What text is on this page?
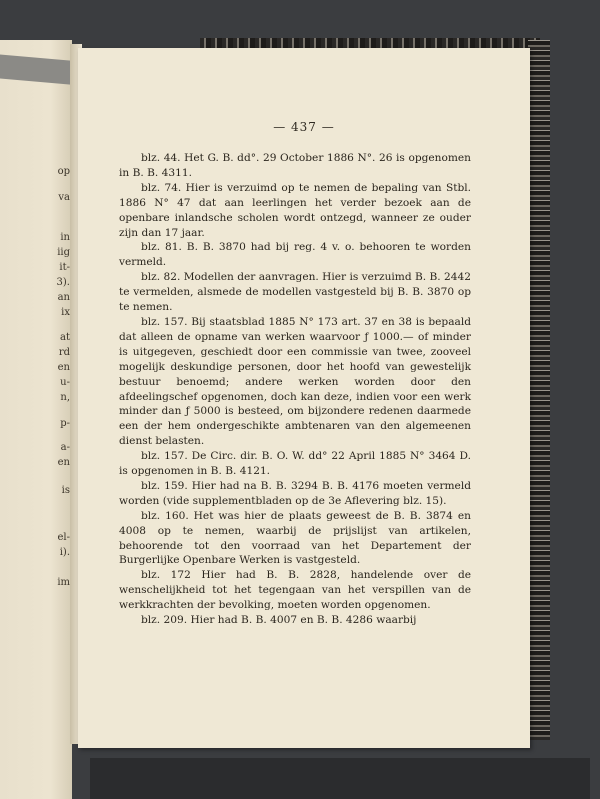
op
va
in
iig
it-
3).
an
ix
at
rd
en
u-
n,
p-
a-
en
is
el-
i).
im
— 437 —

blz. 44. Het G. B. dd°. 29 October 1886 N°. 26 is opgenomen in B. B. 4311.

blz. 74. Hier is verzuimd op te nemen de bepaling van Stbl. 1886 N° 47 dat aan leerlingen het verder bezoek aan de openbare inlandsche scholen wordt ontzegd, wanneer ze ouder zijn dan 17 jaar.

blz. 81. B. B. 3870 had bij reg. 4 v. o. behooren te worden vermeld.

blz. 82. Modellen der aanvragen. Hier is verzuimd B. B. 2442 te vermelden, alsmede de modellen vastgesteld bij B. B. 3870 op te nemen.

blz. 157. Bij staatsblad 1885 N° 173 art. 37 en 38 is bepaald dat alleen de opname van werken waarvoor ƒ 1000.— of minder is uitgegeven, geschiedt door een commissie van twee, zooveel mogelijk deskundige personen, door het hoofd van gewestelijk bestuur benoemd; andere werken worden door den afdeelingschef opgenomen, doch kan deze, indien voor een werk minder dan ƒ 5000 is besteed, om bijzondere redenen daarmede een der hem ondergeschikte ambtenaren van den algemeenen dienst belasten.

blz. 157. De Circ. dir. B. O. W. dd° 22 April 1885 N° 3464 D. is opgenomen in B. B. 4121.

blz. 159. Hier had na B. B. 3294 B. B. 4176 moeten vermeld worden (vide supplementbladen op de 3e Aflevering blz. 15).

blz. 160. Het was hier de plaats geweest de B. B. 3874 en 4008 op te nemen, waarbij de prijslijst van artikelen, behoorende tot den voorraad van het Departement der Burgerlijke Openbare Werken is vastgesteld.

blz. 172 Hier had B. B. 2828, handelende over de wenschelijkheid tot het tegengaan van het verspillen van de werkkrachten der bevolking, moeten worden opgenomen.

blz. 209. Hier had B. B. 4007 en B. B. 4286 waarbij
